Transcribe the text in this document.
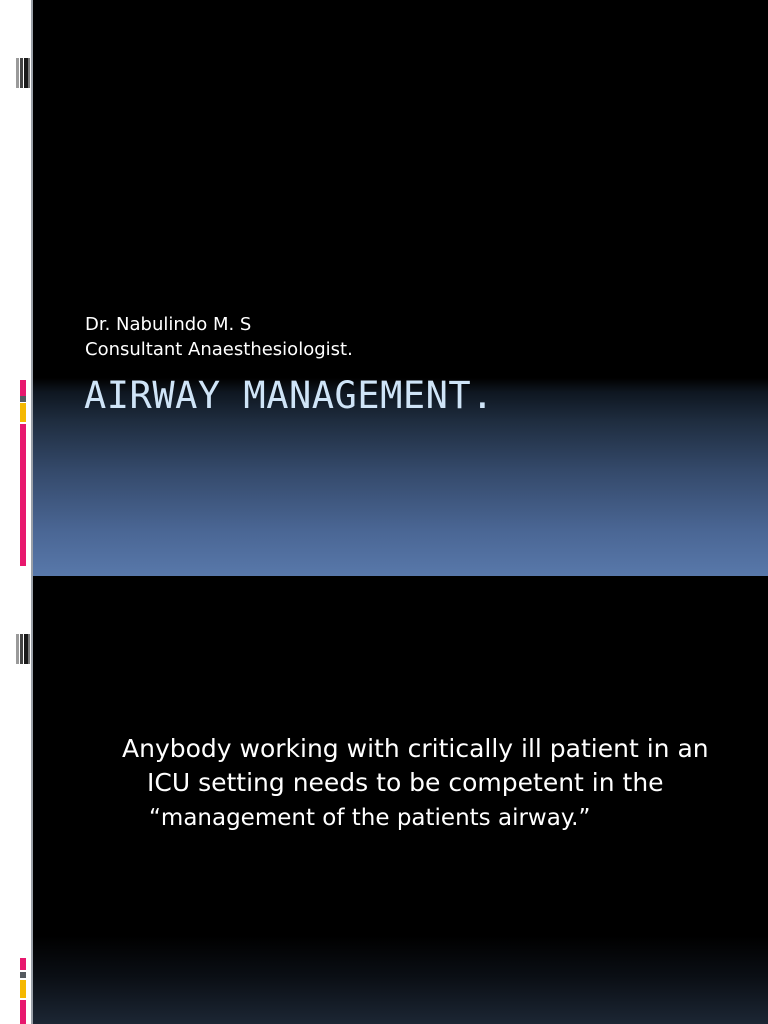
Dr. Nabulindo M. S
Consultant Anaesthesiologist.
AIRWAY MANAGEMENT.
Anybody working with critically ill patient in an ICU setting needs to be competent in the
“management of the patients airway.”
